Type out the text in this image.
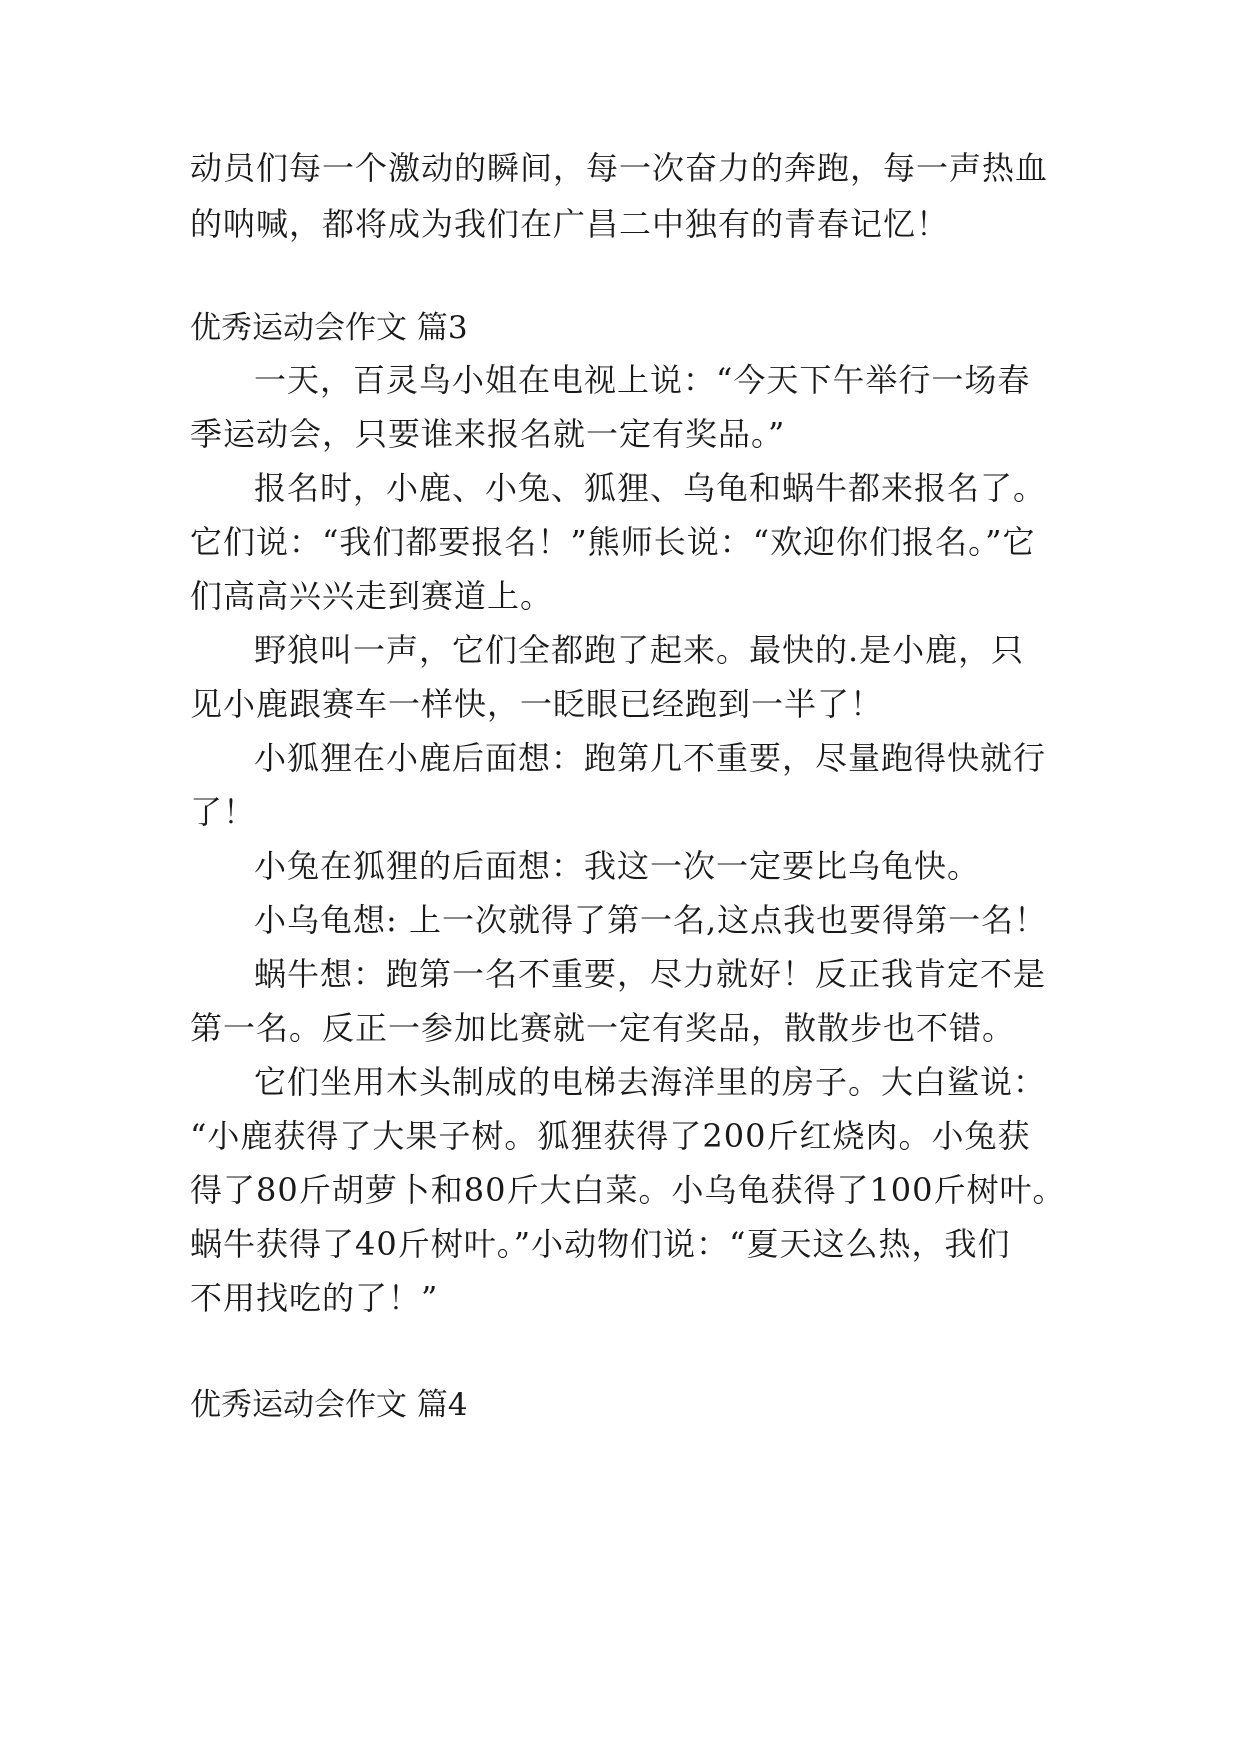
动员们每一个激动的瞬间，每一次奋力的奔跑，每一声热血
的呐喊，都将成为我们在广昌二中独有的青春记忆！
优秀运动会作文 篇3
一天，百灵鸟小姐在电视上说：“今天下午举行一场春
季运动会，只要谁来报名就一定有奖品。”
报名时，小鹿、小兔、狐狸、乌龟和蜗牛都来报名了。
它们说：“我们都要报名！”熊师长说：“欢迎你们报名。”它
们高高兴兴走到赛道上。
野狼叫一声，它们全都跑了起来。最快的.是小鹿，只
见小鹿跟赛车一样快，一眨眼已经跑到一半了！
小狐狸在小鹿后面想：跑第几不重要，尽量跑得快就行
了！
小兔在狐狸的后面想：我这一次一定要比乌龟快。
小乌龟想: 上一次就得了第一名,这点我也要得第一名！
蜗牛想：跑第一名不重要，尽力就好！反正我肯定不是
第一名。反正一参加比赛就一定有奖品，散散步也不错。
它们坐用木头制成的电梯去海洋里的房子。大白鲨说：
“小鹿获得了大果子树。狐狸获得了200斤红烧肉。小兔获
得了80斤胡萝卜和80斤大白菜。小乌龟获得了100斤树叶。
蜗牛获得了40斤树叶。”小动物们说：“夏天这么热，我们
不用找吃的了！”
优秀运动会作文 篇4
